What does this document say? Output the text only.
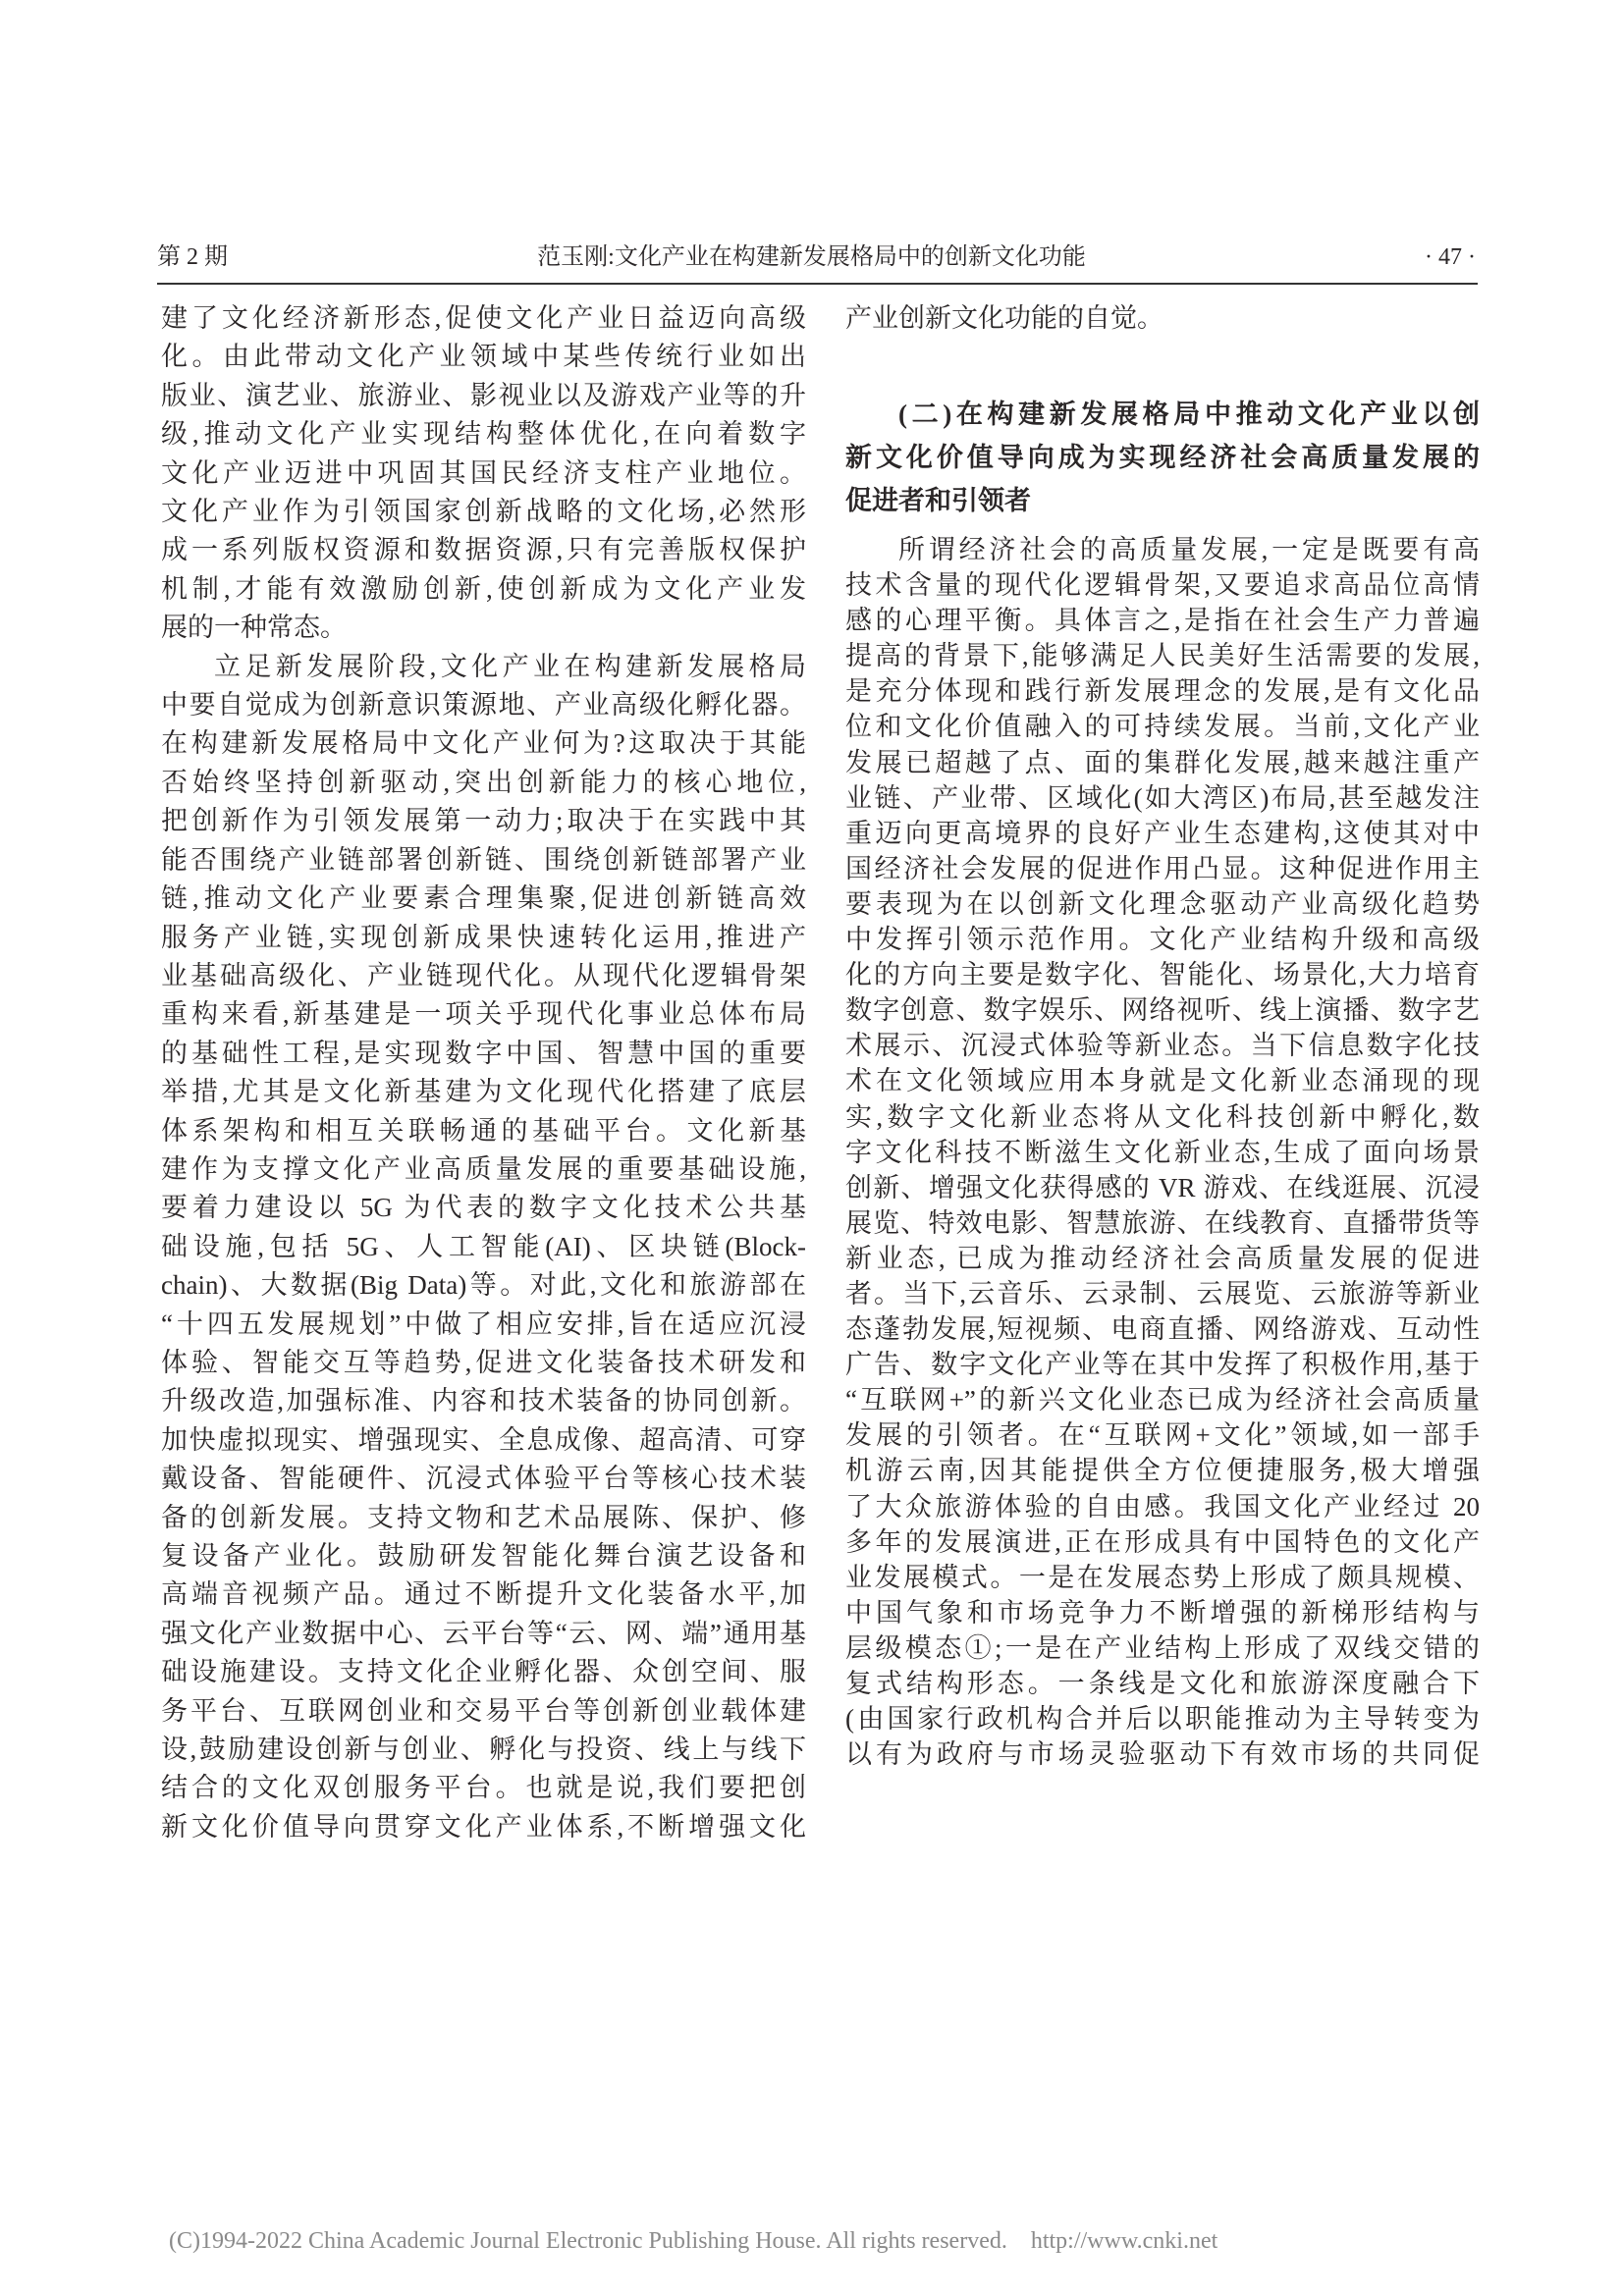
第 2 期	范玉刚:文化产业在构建新发展格局中的创新文化功能	· 47 ·
建了文化经济新形态,促使文化产业日益迈向高级
化。由此带动文化产业领域中某些传统行业如出
版业、演艺业、旅游业、影视业以及游戏产业等的升
级,推动文化产业实现结构整体优化,在向着数字
文化产业迈进中巩固其国民经济支柱产业地位。
文化产业作为引领国家创新战略的文化场,必然形
成一系列版权资源和数据资源,只有完善版权保护
机制,才能有效激励创新,使创新成为文化产业发
展的一种常态。
立足新发展阶段,文化产业在构建新发展格局
中要自觉成为创新意识策源地、产业高级化孵化器。
在构建新发展格局中文化产业何为?这取决于其能
否始终坚持创新驱动,突出创新能力的核心地位,
把创新作为引领发展第一动力;取决于在实践中其
能否围绕产业链部署创新链、围绕创新链部署产业
链,推动文化产业要素合理集聚,促进创新链高效
服务产业链,实现创新成果快速转化运用,推进产
业基础高级化、产业链现代化。从现代化逻辑骨架
重构来看,新基建是一项关乎现代化事业总体布局
的基础性工程,是实现数字中国、智慧中国的重要
举措,尤其是文化新基建为文化现代化搭建了底层
体系架构和相互关联畅通的基础平台。文化新基
建作为支撑文化产业高质量发展的重要基础设施,
要着力建设以 5G 为代表的数字文化技术公共基
础设施,包括 5G、人工智能(AI)、区块链(Block-
chain)、大数据(Big Data)等。对此,文化和旅游部在
“十四五发展规划”中做了相应安排,旨在适应沉浸
体验、智能交互等趋势,促进文化装备技术研发和
升级改造,加强标准、内容和技术装备的协同创新。
加快虚拟现实、增强现实、全息成像、超高清、可穿
戴设备、智能硬件、沉浸式体验平台等核心技术装
备的创新发展。支持文物和艺术品展陈、保护、修
复设备产业化。鼓励研发智能化舞台演艺设备和
高端音视频产品。通过不断提升文化装备水平,加
强文化产业数据中心、云平台等“云、网、端”通用基
础设施建设。支持文化企业孵化器、众创空间、服
务平台、互联网创业和交易平台等创新创业载体建
设,鼓励建设创新与创业、孵化与投资、线上与线下
结合的文化双创服务平台。也就是说,我们要把创
新文化价值导向贯穿文化产业体系,不断增强文化
产业创新文化功能的自觉。
(二)在构建新发展格局中推动文化产业以创
新文化价值导向成为实现经济社会高质量发展的
促进者和引领者
所谓经济社会的高质量发展,一定是既要有高
技术含量的现代化逻辑骨架,又要追求高品位高情
感的心理平衡。具体言之,是指在社会生产力普遍
提高的背景下,能够满足人民美好生活需要的发展,
是充分体现和践行新发展理念的发展,是有文化品
位和文化价值融入的可持续发展。当前,文化产业
发展已超越了点、面的集群化发展,越来越注重产
业链、产业带、区域化(如大湾区)布局,甚至越发注
重迈向更高境界的良好产业生态建构,这使其对中
国经济社会发展的促进作用凸显。这种促进作用主
要表现为在以创新文化理念驱动产业高级化趋势
中发挥引领示范作用。文化产业结构升级和高级
化的方向主要是数字化、智能化、场景化,大力培育
数字创意、数字娱乐、网络视听、线上演播、数字艺
术展示、沉浸式体验等新业态。当下信息数字化技
术在文化领域应用本身就是文化新业态涌现的现
实,数字文化新业态将从文化科技创新中孵化,数
字文化科技不断滋生文化新业态,生成了面向场景
创新、增强文化获得感的 VR 游戏、在线逛展、沉浸
展览、特效电影、智慧旅游、在线教育、直播带货等
新业态, 已成为推动经济社会高质量发展的促进
者。当下,云音乐、云录制、云展览、云旅游等新业
态蓬勃发展,短视频、电商直播、网络游戏、互动性
广告、数字文化产业等在其中发挥了积极作用,基于
“互联网+”的新兴文化业态已成为经济社会高质量
发展的引领者。在“互联网+文化”领域,如一部手
机游云南,因其能提供全方位便捷服务,极大增强
了大众旅游体验的自由感。我国文化产业经过 20
多年的发展演进,正在形成具有中国特色的文化产
业发展模式。一是在发展态势上形成了颇具规模、
中国气象和市场竞争力不断增强的新梯形结构与
层级模态①;一是在产业结构上形成了双线交错的
复式结构形态。一条线是文化和旅游深度融合下
(由国家行政机构合并后以职能推动为主导转变为
以有为政府与市场灵验驱动下有效市场的共同促
(C)1994-2022 China Academic Journal Electronic Publishing House. All rights reserved.    http://www.cnki.net
